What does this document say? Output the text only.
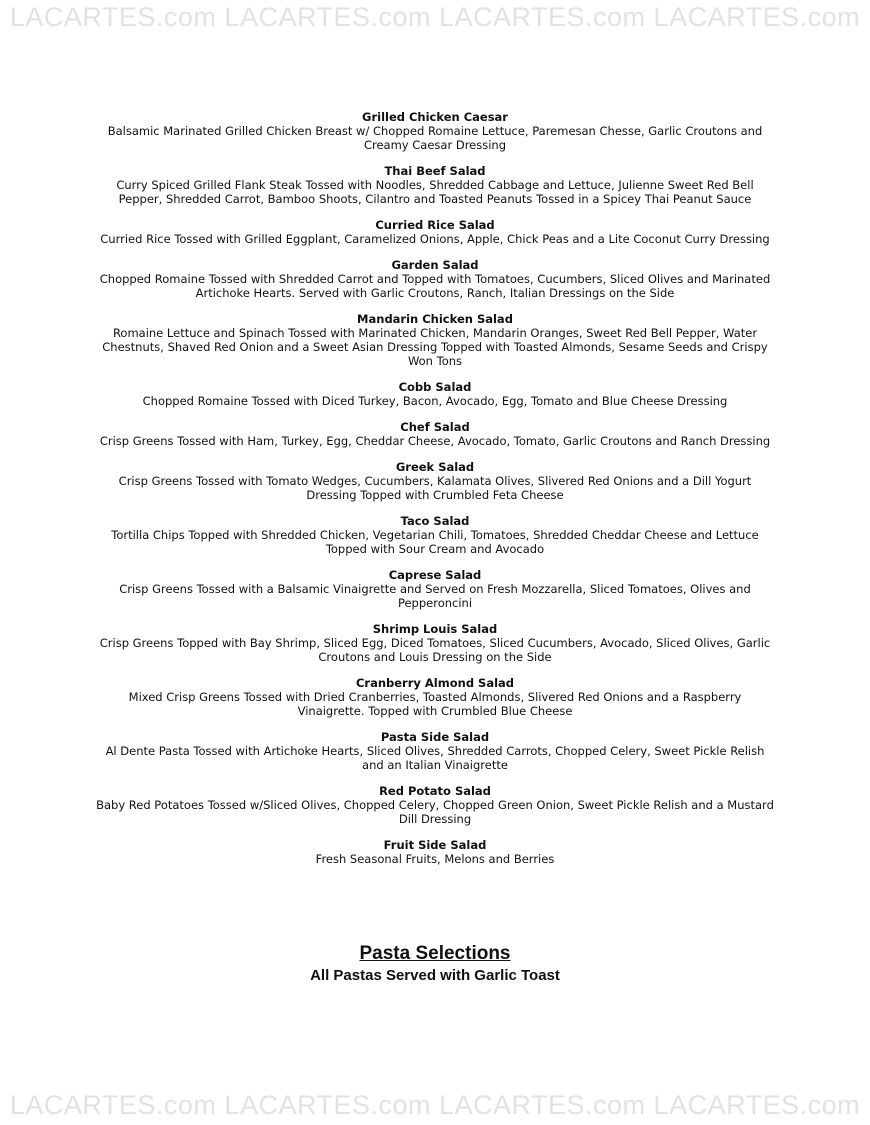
LACARTES.com LACARTES.com LACARTES.com LACARTES.com
Grilled Chicken Caesar
Balsamic Marinated Grilled Chicken Breast w/ Chopped Romaine Lettuce, Paremesan Chesse, Garlic Croutons and Creamy Caesar Dressing
Thai Beef Salad
Curry Spiced Grilled Flank Steak Tossed with Noodles, Shredded Cabbage and Lettuce, Julienne Sweet Red Bell Pepper, Shredded Carrot, Bamboo Shoots, Cilantro and Toasted Peanuts Tossed in a Spicey Thai Peanut Sauce
Curried Rice Salad
Curried Rice Tossed with Grilled Eggplant, Caramelized Onions, Apple, Chick Peas and a Lite Coconut Curry Dressing
Garden Salad
Chopped Romaine Tossed with Shredded Carrot and Topped with Tomatoes, Cucumbers, Sliced Olives and Marinated Artichoke Hearts. Served with Garlic Croutons, Ranch, Italian Dressings on the Side
Mandarin Chicken Salad
Romaine Lettuce and Spinach Tossed with Marinated Chicken, Mandarin Oranges, Sweet Red Bell Pepper, Water Chestnuts, Shaved Red Onion and a Sweet Asian Dressing Topped with Toasted Almonds, Sesame Seeds and Crispy Won Tons
Cobb Salad
Chopped Romaine Tossed with Diced Turkey, Bacon, Avocado, Egg, Tomato and Blue Cheese Dressing
Chef Salad
Crisp Greens Tossed with Ham, Turkey, Egg, Cheddar Cheese, Avocado, Tomato, Garlic Croutons and Ranch Dressing
Greek Salad
Crisp Greens Tossed with Tomato Wedges, Cucumbers, Kalamata Olives, Slivered Red Onions and a Dill Yogurt Dressing Topped with Crumbled Feta Cheese
Taco Salad
Tortilla Chips Topped with Shredded Chicken, Vegetarian Chili, Tomatoes, Shredded Cheddar Cheese and Lettuce Topped with Sour Cream and Avocado
Caprese Salad
Crisp Greens Tossed with a Balsamic Vinaigrette and Served on Fresh Mozzarella, Sliced Tomatoes, Olives and Pepperoncini
Shrimp Louis Salad
Crisp Greens Topped with Bay Shrimp, Sliced Egg, Diced Tomatoes, Sliced Cucumbers, Avocado, Sliced Olives, Garlic Croutons and Louis Dressing on the Side
Cranberry Almond Salad
Mixed Crisp Greens Tossed with Dried Cranberries, Toasted Almonds, Slivered Red Onions and a Raspberry Vinaigrette. Topped with Crumbled Blue Cheese
Pasta Side Salad
Al Dente Pasta Tossed with Artichoke Hearts, Sliced Olives, Shredded Carrots, Chopped Celery, Sweet Pickle Relish and an Italian Vinaigrette
Red Potato Salad
Baby Red Potatoes Tossed w/Sliced Olives, Chopped Celery, Chopped Green Onion, Sweet Pickle Relish and a Mustard Dill Dressing
Fruit Side Salad
Fresh Seasonal Fruits, Melons and Berries
Pasta Selections
All Pastas Served with Garlic Toast
LACARTES.com LACARTES.com LACARTES.com LACARTES.com
